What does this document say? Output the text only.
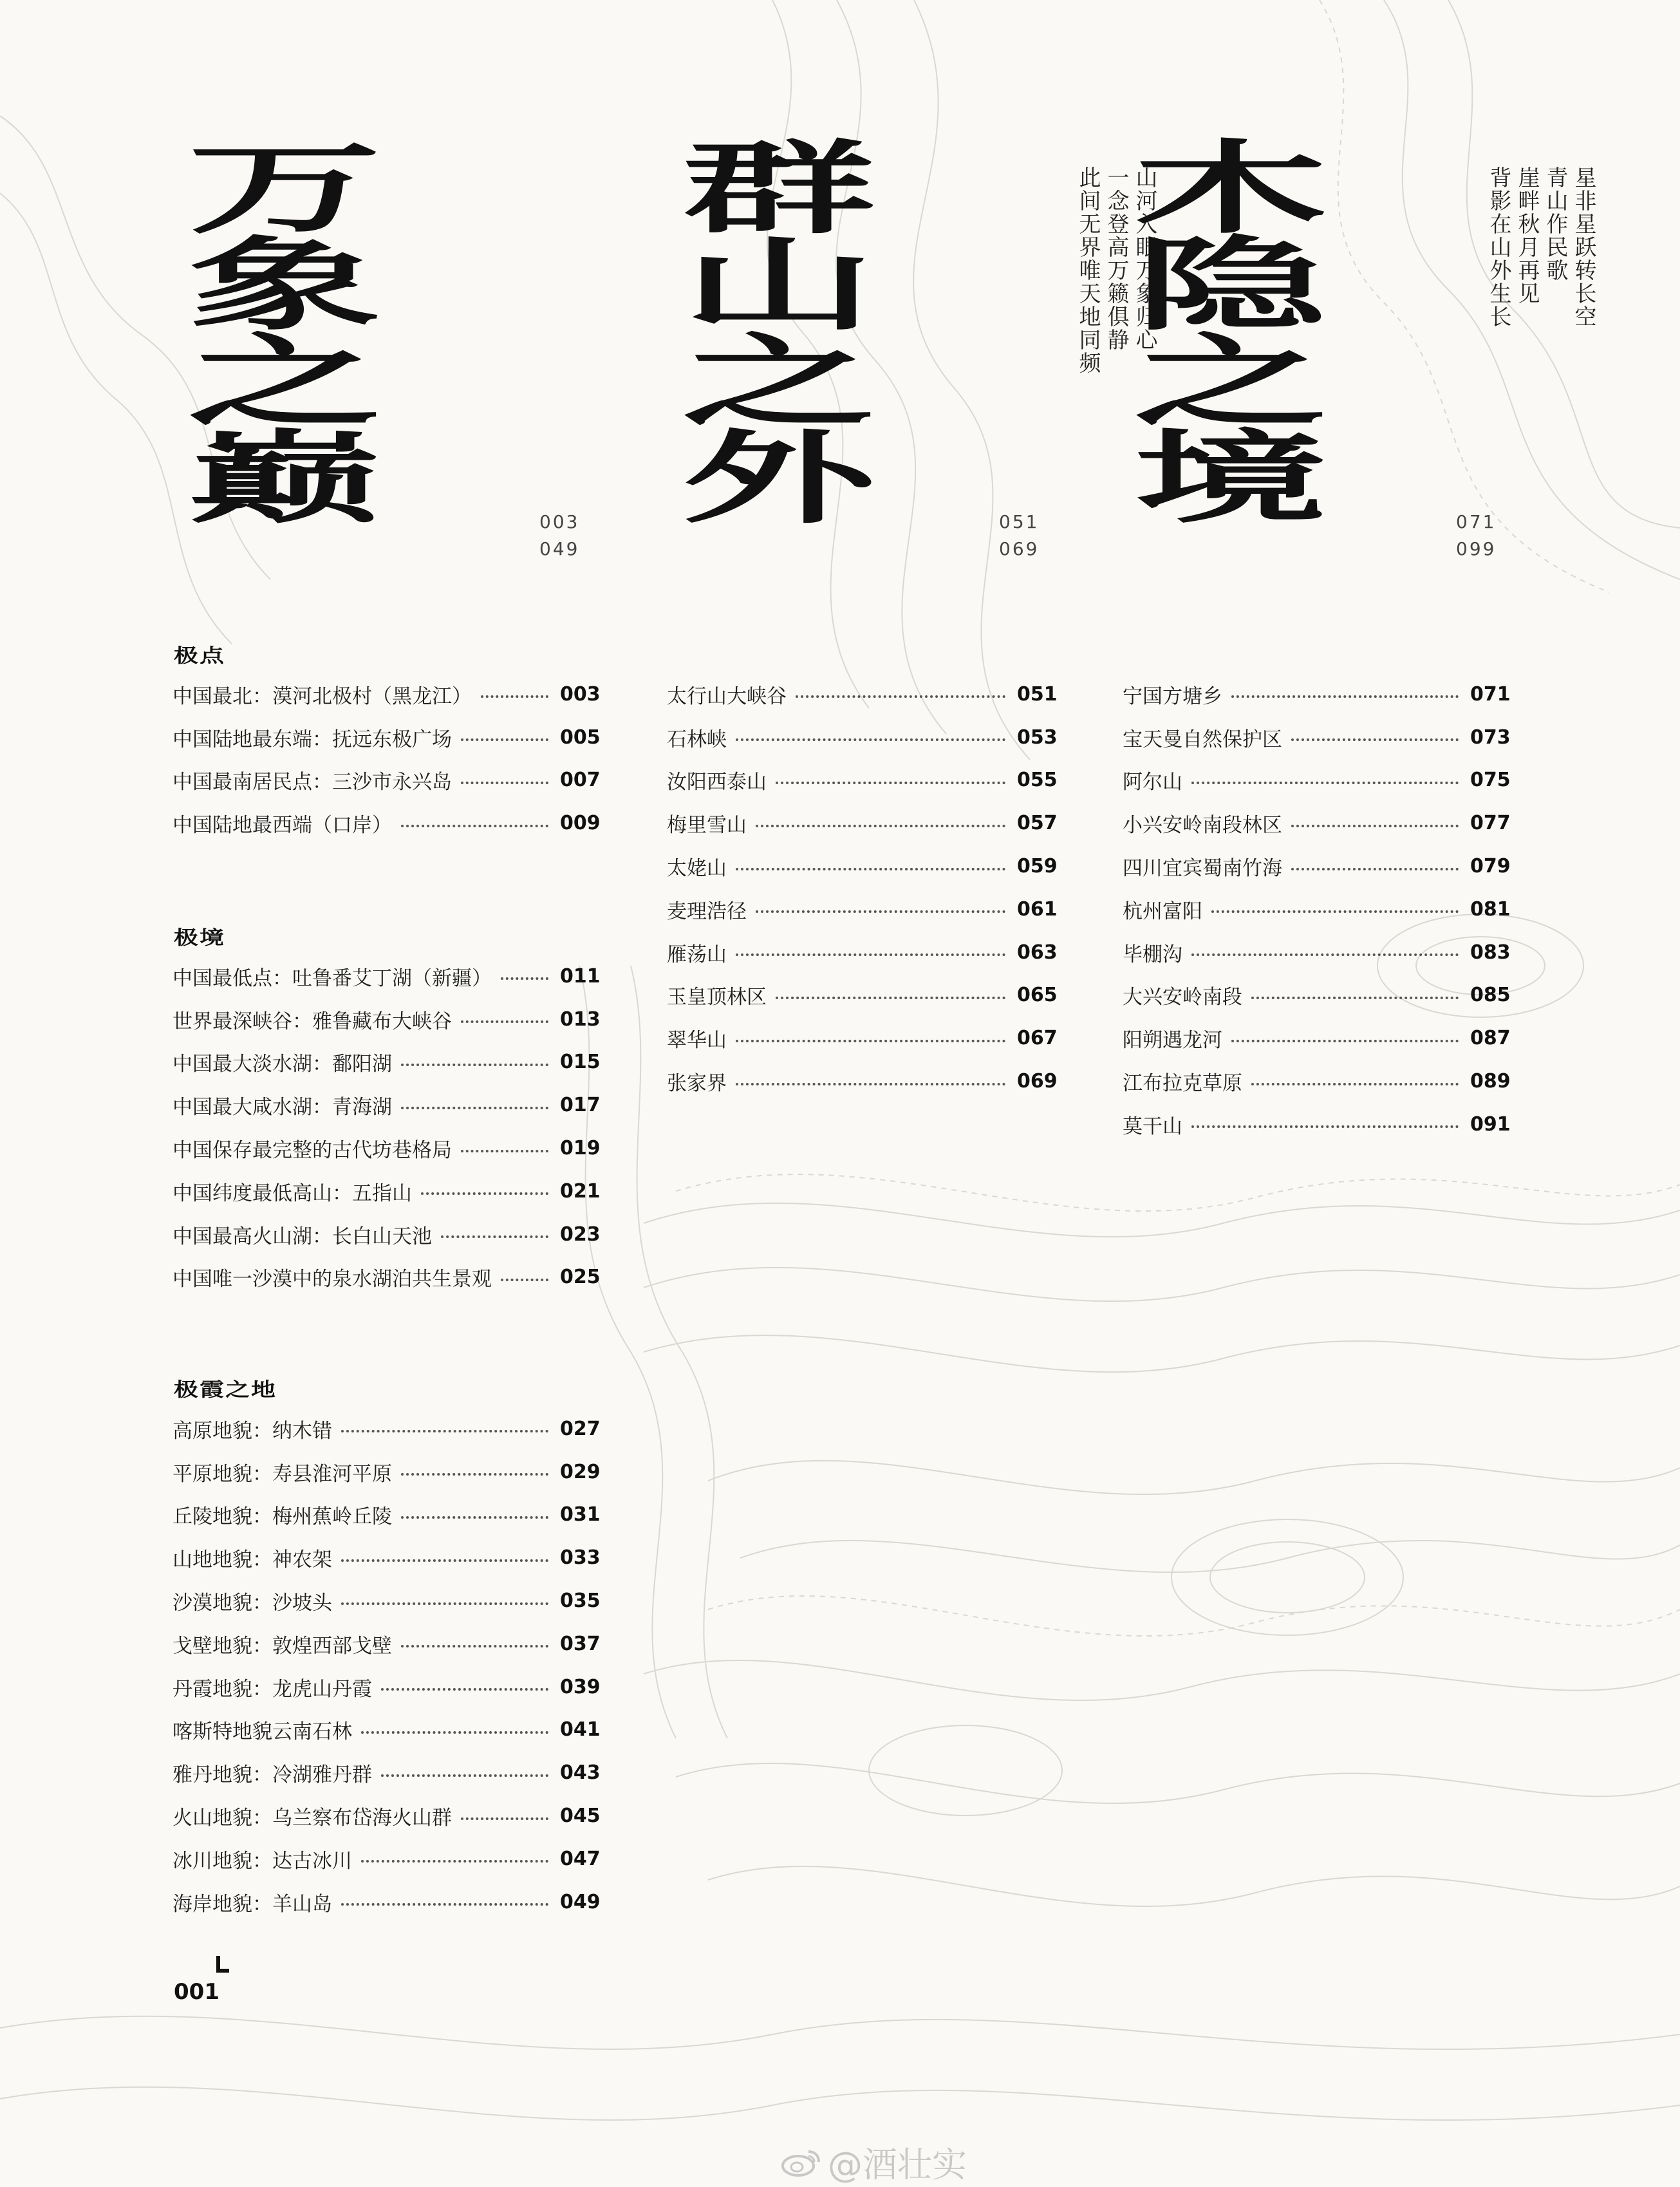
万
象
之
巅
山河入眼万象归心
一念登高万籁俱静
此间无界唯天地同频
003
049
群
山
之
外
星非星跃转长空
青山作民歌
崖畔秋月再见
背影在山外生长
051
069
木
隐
之
境	071
099
极点
中国最北：漠河北极村（黑龙江）	003
中国陆地最东端：抚远东极广场	005
中国最南居民点：三沙市永兴岛	007
中国陆地最西端（口岸）	009
极境
中国最低点：吐鲁番艾丁湖（新疆）	011
世界最深峡谷：雅鲁藏布大峡谷	013
中国最大淡水湖：鄱阳湖	015
中国最大咸水湖：青海湖	017
中国保存最完整的古代坊巷格局	019
中国纬度最低高山：五指山	021
中国最高火山湖：长白山天池	023
中国唯一沙漠中的泉水湖泊共生景观	025
极霞之地
高原地貌：纳木错	027
平原地貌：寿县淮河平原	029
丘陵地貌：梅州蕉岭丘陵	031
山地地貌：神农架	033
沙漠地貌：沙坡头	035
戈壁地貌：敦煌西部戈壁	037
丹霞地貌：龙虎山丹霞	039
喀斯特地貌云南石林	041
雅丹地貌：冷湖雅丹群	043
火山地貌：乌兰察布岱海火山群	045
冰川地貌：达古冰川	047
海岸地貌：羊山岛	049
太行山大峡谷	051
石林峡	053
汝阳西泰山	055
梅里雪山	057
太姥山	059
麦理浩径	061
雁荡山	063
玉皇顶林区	065
翠华山	067
张家界	069
宁国方塘乡	071
宝天曼自然保护区	073
阿尔山	075
小兴安岭南段林区	077
四川宜宾蜀南竹海	079
杭州富阳	081
毕棚沟	083
大兴安岭南段	085
阳朔遇龙河	087
江布拉克草原	089
莫干山	091
001
@酒壮实
